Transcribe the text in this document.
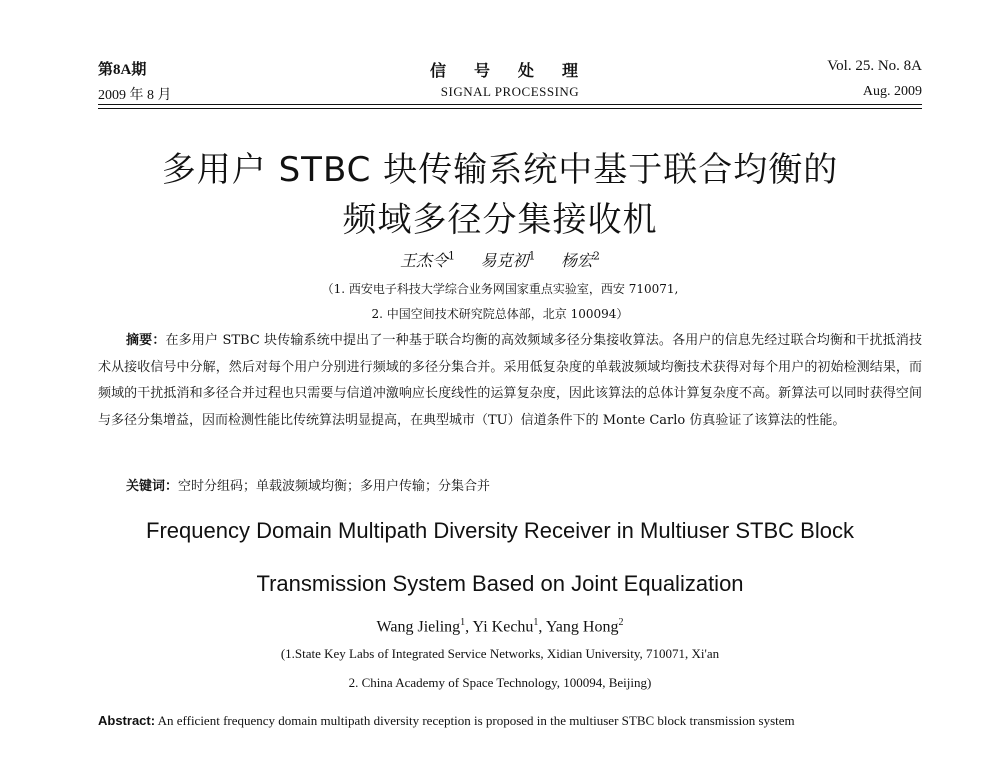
第8A期	信 号 处 理	Vol. 25. No. 8A
2009 年 8 月	SIGNAL PROCESSING	Aug. 2009
多用户 STBC 块传输系统中基于联合均衡的
频域多径分集接收机
王杰令$^1$ 易克初$^1$ 杨宏$^2$
（1. 西安电子科技大学综合业务网国家重点实验室，西安 710071,
2. 中国空间技术研究院总体部，北京 100094）
摘要：在多用户 STBC 块传输系统中提出了一种基于联合均衡的高效频域多径分集接收算法。各用户的信息先经过联合均衡和干扰抵消技术从接收信号中分解，然后对每个用户分别进行频域的多径分集合并。采用低复杂度的单载波频域均衡技术获得对每个用户的初始检测结果，而频域的干扰抵消和多径合并过程也只需要与信道冲激响应长度线性的运算复杂度，因此该算法的总体计算复杂度不高。新算法可以同时获得空间与多径分集增益，因而检测性能比传统算法明显提高，在典型城市（TU）信道条件下的 Monte Carlo 仿真验证了该算法的性能。
关键词：空时分组码；单载波频域均衡；多用户传输；分集合并
Frequency Domain Multipath Diversity Receiver in Multiuser STBC Block
Transmission System Based on Joint Equalization
Wang Jieling$^1$, Yi Kechu$^1$, Yang Hong$^2$
(1.State Key Labs of Integrated Service Networks, Xidian University, 710071, Xi'an
2. China Academy of Space Technology, 100094, Beijing)
Abstract: An efficient frequency domain multipath diversity reception is proposed in the multiuser STBC block transmission system
